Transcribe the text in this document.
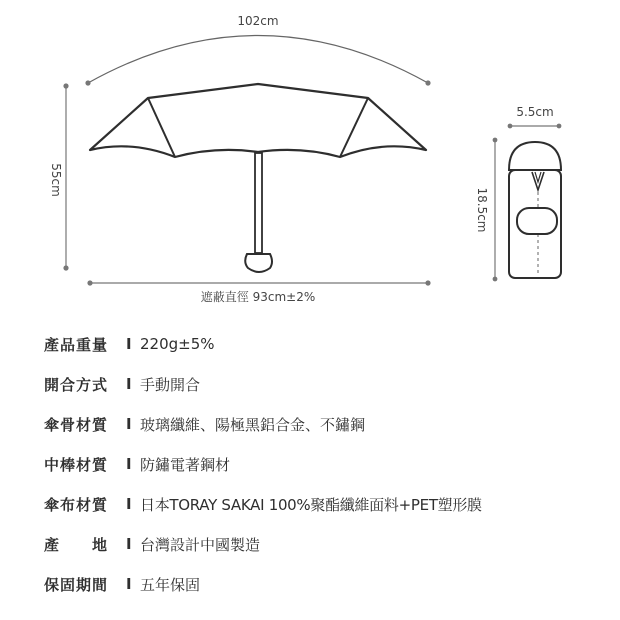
102cm
55cm
遮蔽直徑 93cm±2%
5.5cm
18.5cm
產品重量	I 220g±5%
開合方式	I 手動開合
傘骨材質	I 玻璃纖維、陽極黑鋁合金、不鏽鋼
中棒材質	I 防鏽電著鋼材
傘布材質	I 日本TORAY SAKAI 100%聚酯纖維面料+PET塑形膜
產　　地	I 台灣設計中國製造
保固期間	I 五年保固
